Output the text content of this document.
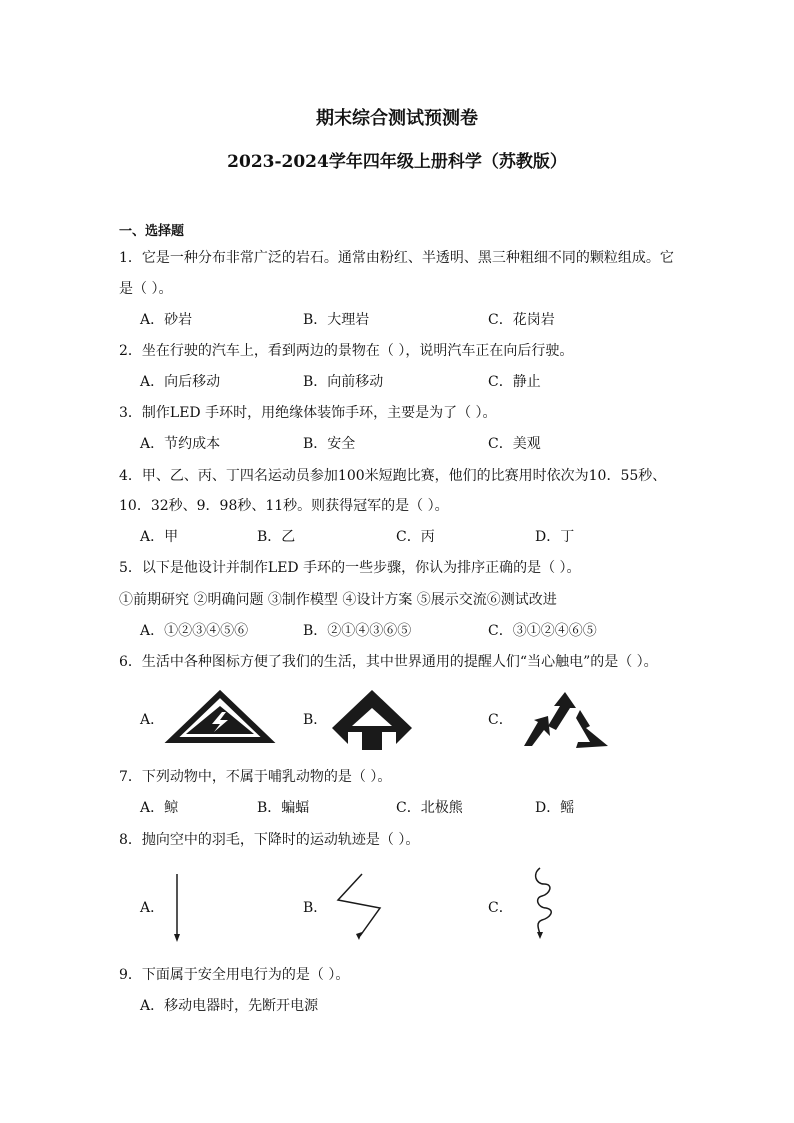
期末综合测试预测卷
2023-2024学年四年级上册科学（苏教版）
一、选择题
1．它是一种分布非常广泛的岩石。通常由粉红、半透明、黑三种粗细不同的颗粒组成。它
是（ ）。
A．砂岩	B．大理岩	C．花岗岩
2．坐在行驶的汽车上，看到两边的景物在（ ），说明汽车正在向后行驶。
A．向后移动	B．向前移动	C．静止
3．制作LED 手环时，用绝缘体装饰手环，主要是为了（ ）。
A．节约成本	B．安全	C．美观
4．甲、乙、丙、丁四名运动员参加100米短跑比赛，他们的比赛用时依次为10．55秒、
10．32秒、9．98秒、11秒。则获得冠军的是（ ）。
A．甲	B．乙	C．丙	D．丁
5．以下是他设计并制作LED 手环的一些步骤，你认为排序正确的是（ ）。
①前期研究 ②明确问题 ③制作模型 ④设计方案 ⑤展示交流⑥测试改进
A．①②③④⑤⑥	B．②①④③⑥⑤	C．③①②④⑥⑤
6．生活中各种图标方便了我们的生活，其中世界通用的提醒人们“当心触电”的是（ ）。
A．	B．	C．
7．下列动物中，不属于哺乳动物的是（ ）。
A．鲸	B．蝙蝠	C．北极熊	D．鳐
8．抛向空中的羽毛，下降时的运动轨迹是（ ）。
A．	B．	C．
9．下面属于安全用电行为的是（ ）。
A．移动电器时，先断开电源
